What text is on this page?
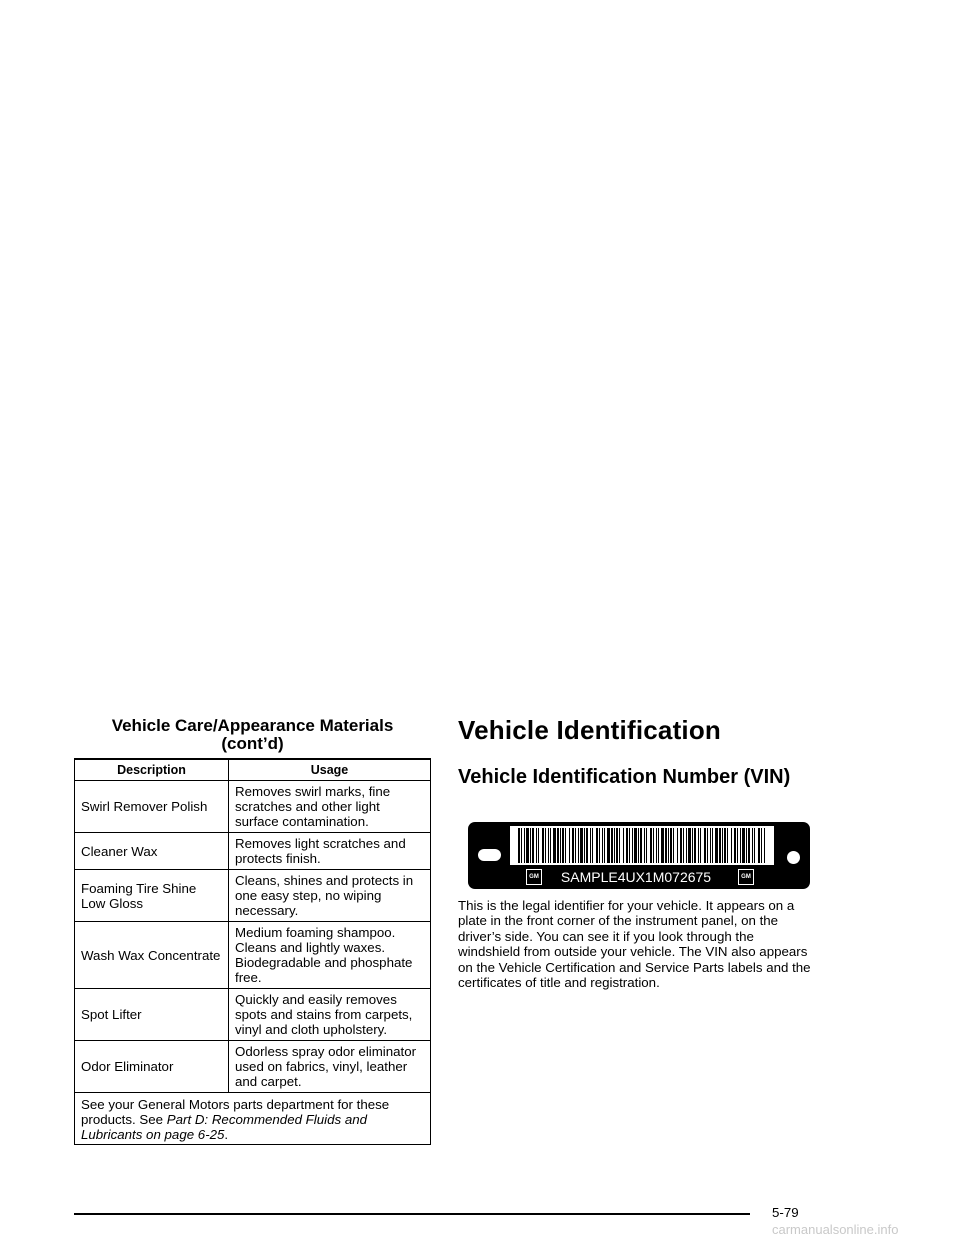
Vehicle Care/Appearance Materials
(cont’d)
Description	Usage
Swirl Remover Polish	Removes swirl marks, fine scratches and other light surface contamination.
Cleaner Wax	Removes light scratches and protects finish.
Foaming Tire Shine Low Gloss	Cleans, shines and protects in one easy step, no wiping necessary.
Wash Wax Concentrate	Medium foaming shampoo. Cleans and lightly waxes. Biodegradable and phosphate free.
Spot Lifter	Quickly and easily removes spots and stains from carpets, vinyl and cloth upholstery.
Odor Eliminator	Odorless spray odor eliminator used on fabrics, vinyl, leather and carpet.
See your General Motors parts department for these products. See Part D: Recommended Fluids and Lubricants on page 6-25.	
Vehicle Identification
Vehicle Identification Number (VIN)
GM	SAMPLE4UX1M072675	GM
This is the legal identifier for your vehicle. It appears on a plate in the front corner of the instrument panel, on the driver’s side. You can see it if you look through the windshield from outside your vehicle. The VIN also appears on the Vehicle Certification and Service Parts labels and the certificates of title and registration.
5-79
carmanualsonline.info
